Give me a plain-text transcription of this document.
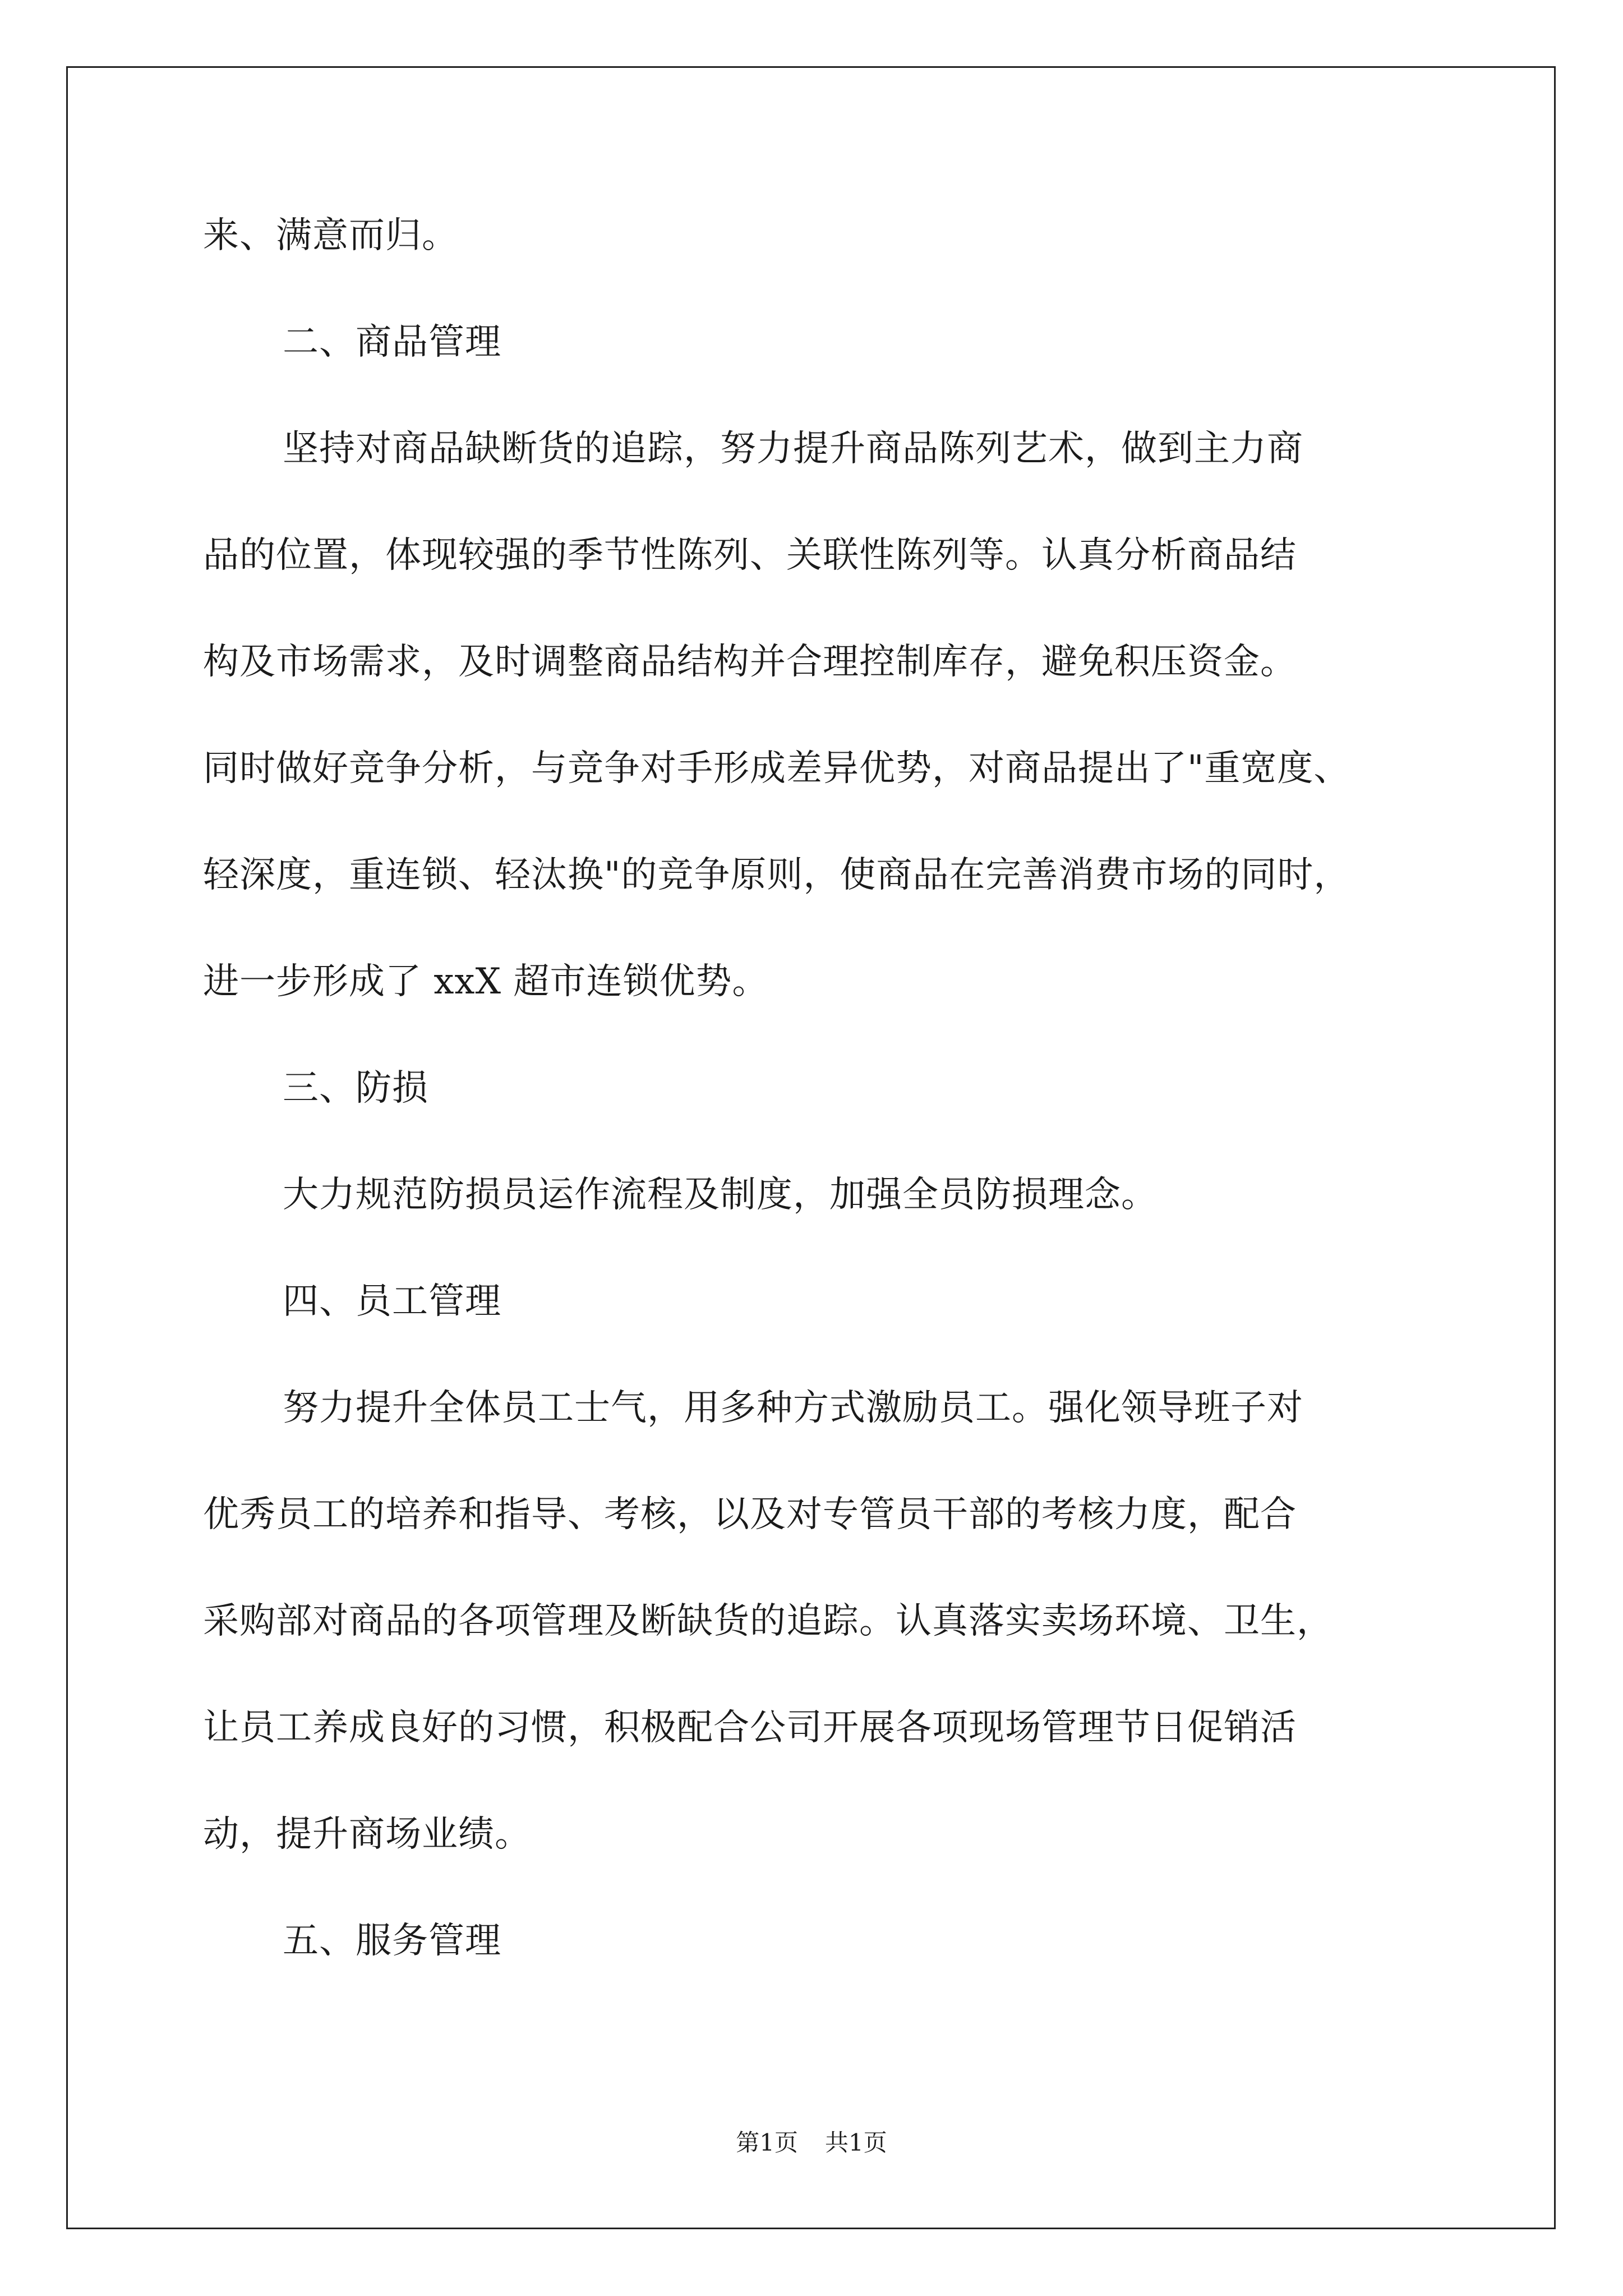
来、满意而归。
二、商品管理
坚持对商品缺断货的追踪，努力提升商品陈列艺术，做到主力商
品的位置，体现较强的季节性陈列、关联性陈列等。认真分析商品结
构及市场需求，及时调整商品结构并合理控制库存，避免积压资金。
同时做好竞争分析，与竞争对手形成差异优势，对商品提出了"重宽度、
轻深度，重连锁、轻汰换"的竞争原则，使商品在完善消费市场的同时，
进一步形成了 xxX 超市连锁优势。
三、防损
大力规范防损员运作流程及制度，加强全员防损理念。
四、员工管理
努力提升全体员工士气，用多种方式激励员工。强化领导班子对
优秀员工的培养和指导、考核，以及对专管员干部的考核力度，配合
采购部对商品的各项管理及断缺货的追踪。认真落实卖场环境、卫生，
让员工养成良好的习惯，积极配合公司开展各项现场管理节日促销活
动，提升商场业绩。
五、服务管理
第1页 共1页
